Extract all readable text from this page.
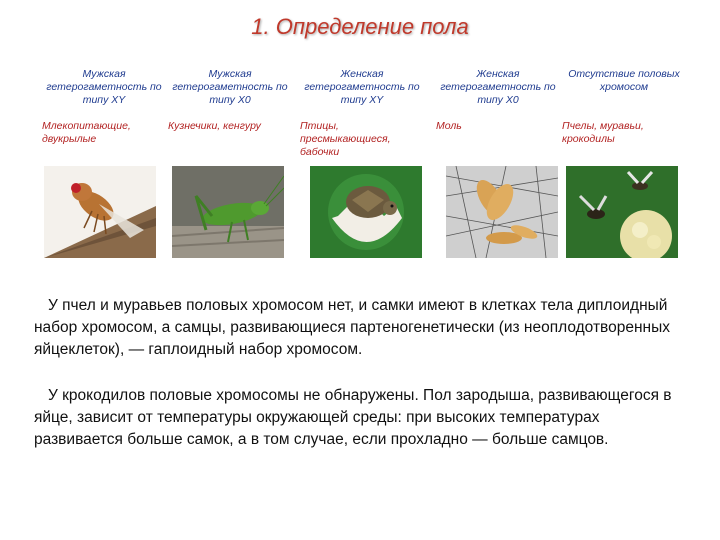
1. Определение пола
Мужская гетерогаметность по типу XY
Млекопитающие, двукрылые
Мужская гетерогаметность по типу X0
Кузнечики, кенгуру
Женская гетерогаметность по типу XY
Птицы, пресмыкающиеся, бабочки
Женская гетерогаметность по типу X0
Моль
Отсутствие половых хромосом
Пчелы, муравьи, крокодилы
У пчел и муравьев половых хромосом нет, и самки имеют в клетках тела диплоидный набор хромосом, а самцы, развивающиеся партеногенетически (из неоплодотворенных яйцеклеток), — гаплоидный набор хромосом.
У крокодилов половые хромосомы не обнаружены. Пол зародыша, развивающегося в яйце, зависит от температуры окружающей среды: при высоких температурах развивается больше самок, а в том случае, если прохладно — больше самцов.
